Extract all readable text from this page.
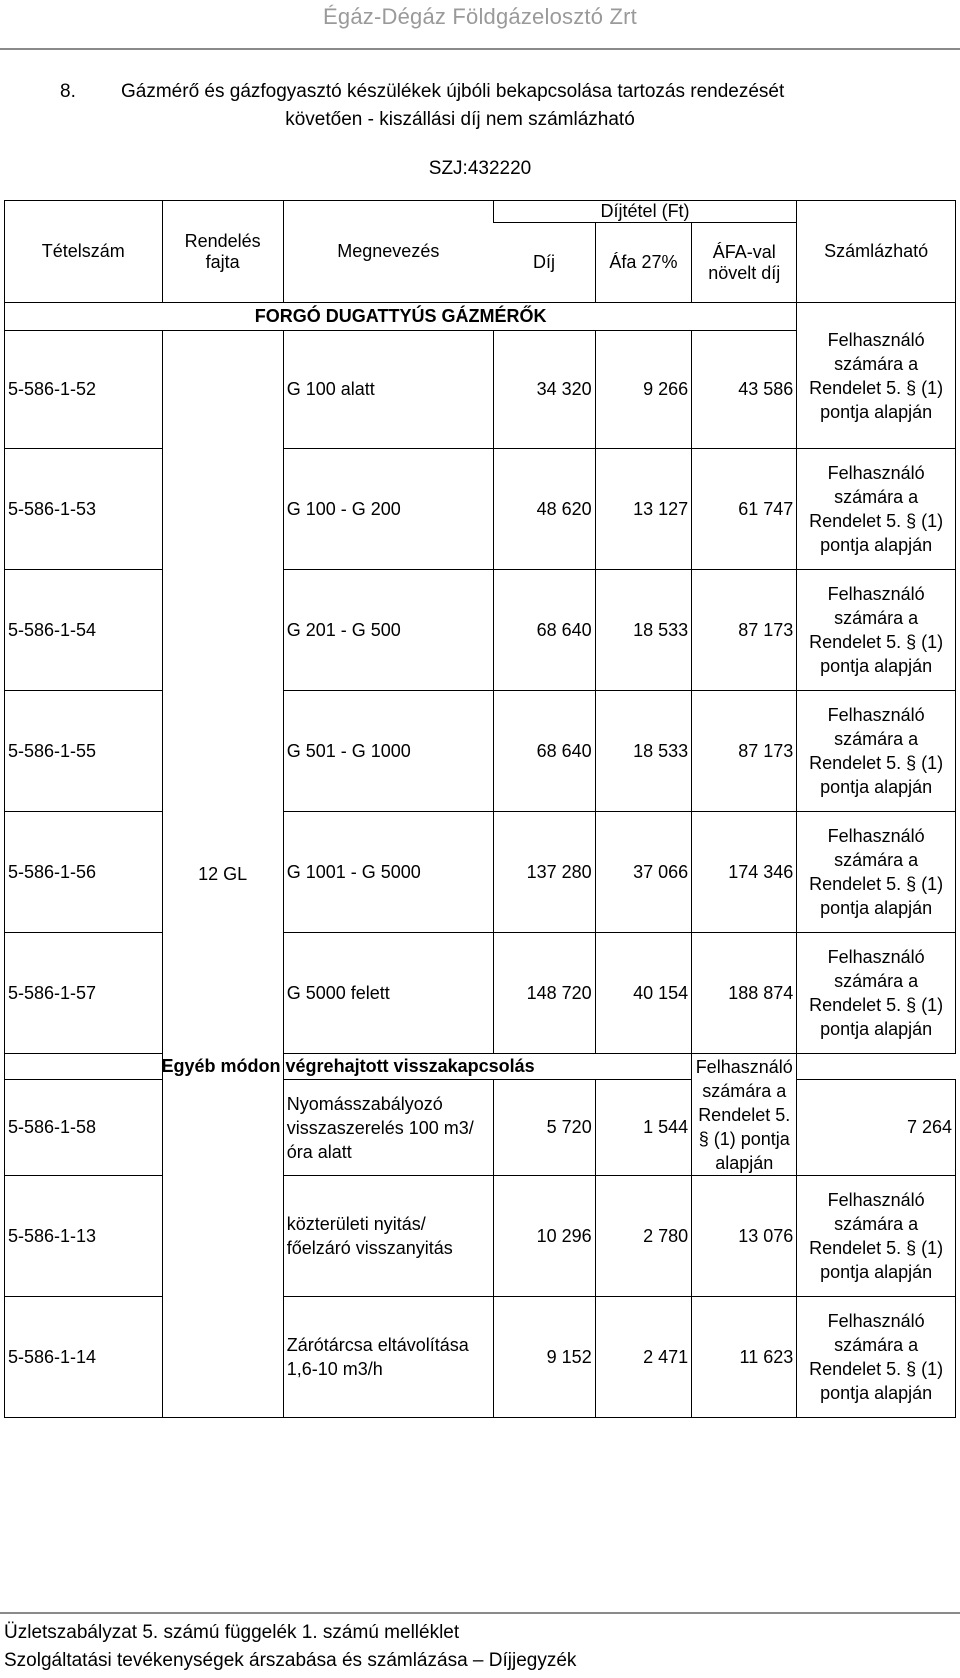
Égáz-Dégáz Földgázelosztó Zrt
8. Gázmérő és gázfogyasztó készülékek újbóli bekapcsolása tartozás rendezését
követően - kiszállási díj nem számlázható
SZJ:432220
Tételszám	Rendelés fajta	Megnevezés	Díjtétel (Ft)			Számlázható
			Díj	Áfa 27%	ÁFA-val növelt díj	
FORGÓ DUGATTYÚS GÁZMÉRŐK						Felhasználó számára a Rendelet 5. § (1) pontja alapján
5-586-1-52	12 GL	G 100 alatt	34 320	9 266	43 586	
5-586-1-53		G 100 - G 200	48 620	13 127	61 747	Felhasználó számára a Rendelet 5. § (1) pontja alapján
5-586-1-54		G 201 - G 500	68 640	18 533	87 173	Felhasználó számára a Rendelet 5. § (1) pontja alapján
5-586-1-55		G 501 - G 1000	68 640	18 533	87 173	Felhasználó számára a Rendelet 5. § (1) pontja alapján
5-586-1-56		G 1001 - G 5000	137 280	37 066	174 346	Felhasználó számára a Rendelet 5. § (1) pontja alapján
5-586-1-57		G 5000 felett	148 720	40 154	188 874	Felhasználó számára a Rendelet 5. § (1) pontja alapján
Egyéb módon végrehajtott visszakapcsolás					Felhasználó számára a Rendelet 5. § (1) pontja alapján	
5-586-1-58		Nyomásszabályozó visszaszerelés 100 m3/óra alatt	5 720	1 544		7 264
5-586-1-13		közterületi nyitás/ főelzáró visszanyitás	10 296	2 780	13 076	Felhasználó számára a Rendelet 5. § (1) pontja alapján
5-586-1-14		Zárótárcsa eltávolítása 1,6-10 m3/h	9 152	2 471	11 623	Felhasználó számára a Rendelet 5. § (1) pontja alapján
Üzletszabályzat 5. számú függelék 1. számú melléklet
Szolgáltatási tevékenységek árszabása és számlázása – Díjjegyzék
